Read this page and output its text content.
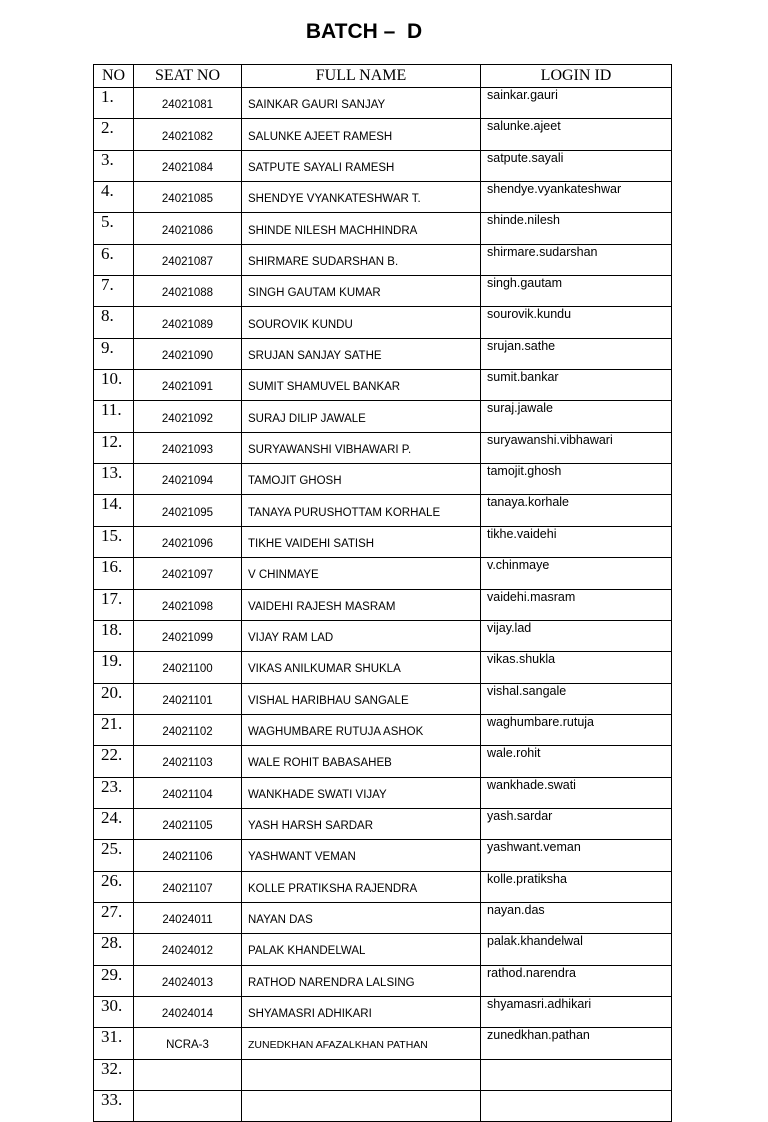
BATCH –  D
NO	SEAT NO	FULL NAME	LOGIN ID
1.	24021081	SAINKAR GAURI SANJAY	sainkar.gauri
2.	24021082	SALUNKE AJEET RAMESH	salunke.ajeet
3.	24021084	SATPUTE SAYALI RAMESH	satpute.sayali
4.	24021085	SHENDYE VYANKATESHWAR T.	shendye.vyankateshwar
5.	24021086	SHINDE NILESH MACHHINDRA	shinde.nilesh
6.	24021087	SHIRMARE SUDARSHAN B.	shirmare.sudarshan
7.	24021088	SINGH GAUTAM KUMAR	singh.gautam
8.	24021089	SOUROVIK KUNDU	sourovik.kundu
9.	24021090	SRUJAN SANJAY SATHE	srujan.sathe
10.	24021091	SUMIT SHAMUVEL BANKAR	sumit.bankar
11.	24021092	SURAJ DILIP JAWALE	suraj.jawale
12.	24021093	SURYAWANSHI VIBHAWARI P.	suryawanshi.vibhawari
13.	24021094	TAMOJIT GHOSH	tamojit.ghosh
14.	24021095	TANAYA PURUSHOTTAM KORHALE	tanaya.korhale
15.	24021096	TIKHE VAIDEHI SATISH	tikhe.vaidehi
16.	24021097	V CHINMAYE	v.chinmaye
17.	24021098	VAIDEHI RAJESH MASRAM	vaidehi.masram
18.	24021099	VIJAY RAM LAD	vijay.lad
19.	24021100	VIKAS ANILKUMAR SHUKLA	vikas.shukla
20.	24021101	VISHAL HARIBHAU SANGALE	vishal.sangale
21.	24021102	WAGHUMBARE RUTUJA ASHOK	waghumbare.rutuja
22.	24021103	WALE ROHIT BABASAHEB	wale.rohit
23.	24021104	WANKHADE SWATI VIJAY	wankhade.swati
24.	24021105	YASH HARSH SARDAR	yash.sardar
25.	24021106	YASHWANT VEMAN	yashwant.veman
26.	24021107	KOLLE PRATIKSHA RAJENDRA	kolle.pratiksha
27.	24024011	NAYAN DAS	nayan.das
28.	24024012	PALAK KHANDELWAL	palak.khandelwal
29.	24024013	RATHOD NARENDRA LALSING	rathod.narendra
30.	24024014	SHYAMASRI ADHIKARI	shyamasri.adhikari
31.	NCRA-3	ZUNEDKHAN AFAZALKHAN PATHAN	zunedkhan.pathan
32.			
33.			
